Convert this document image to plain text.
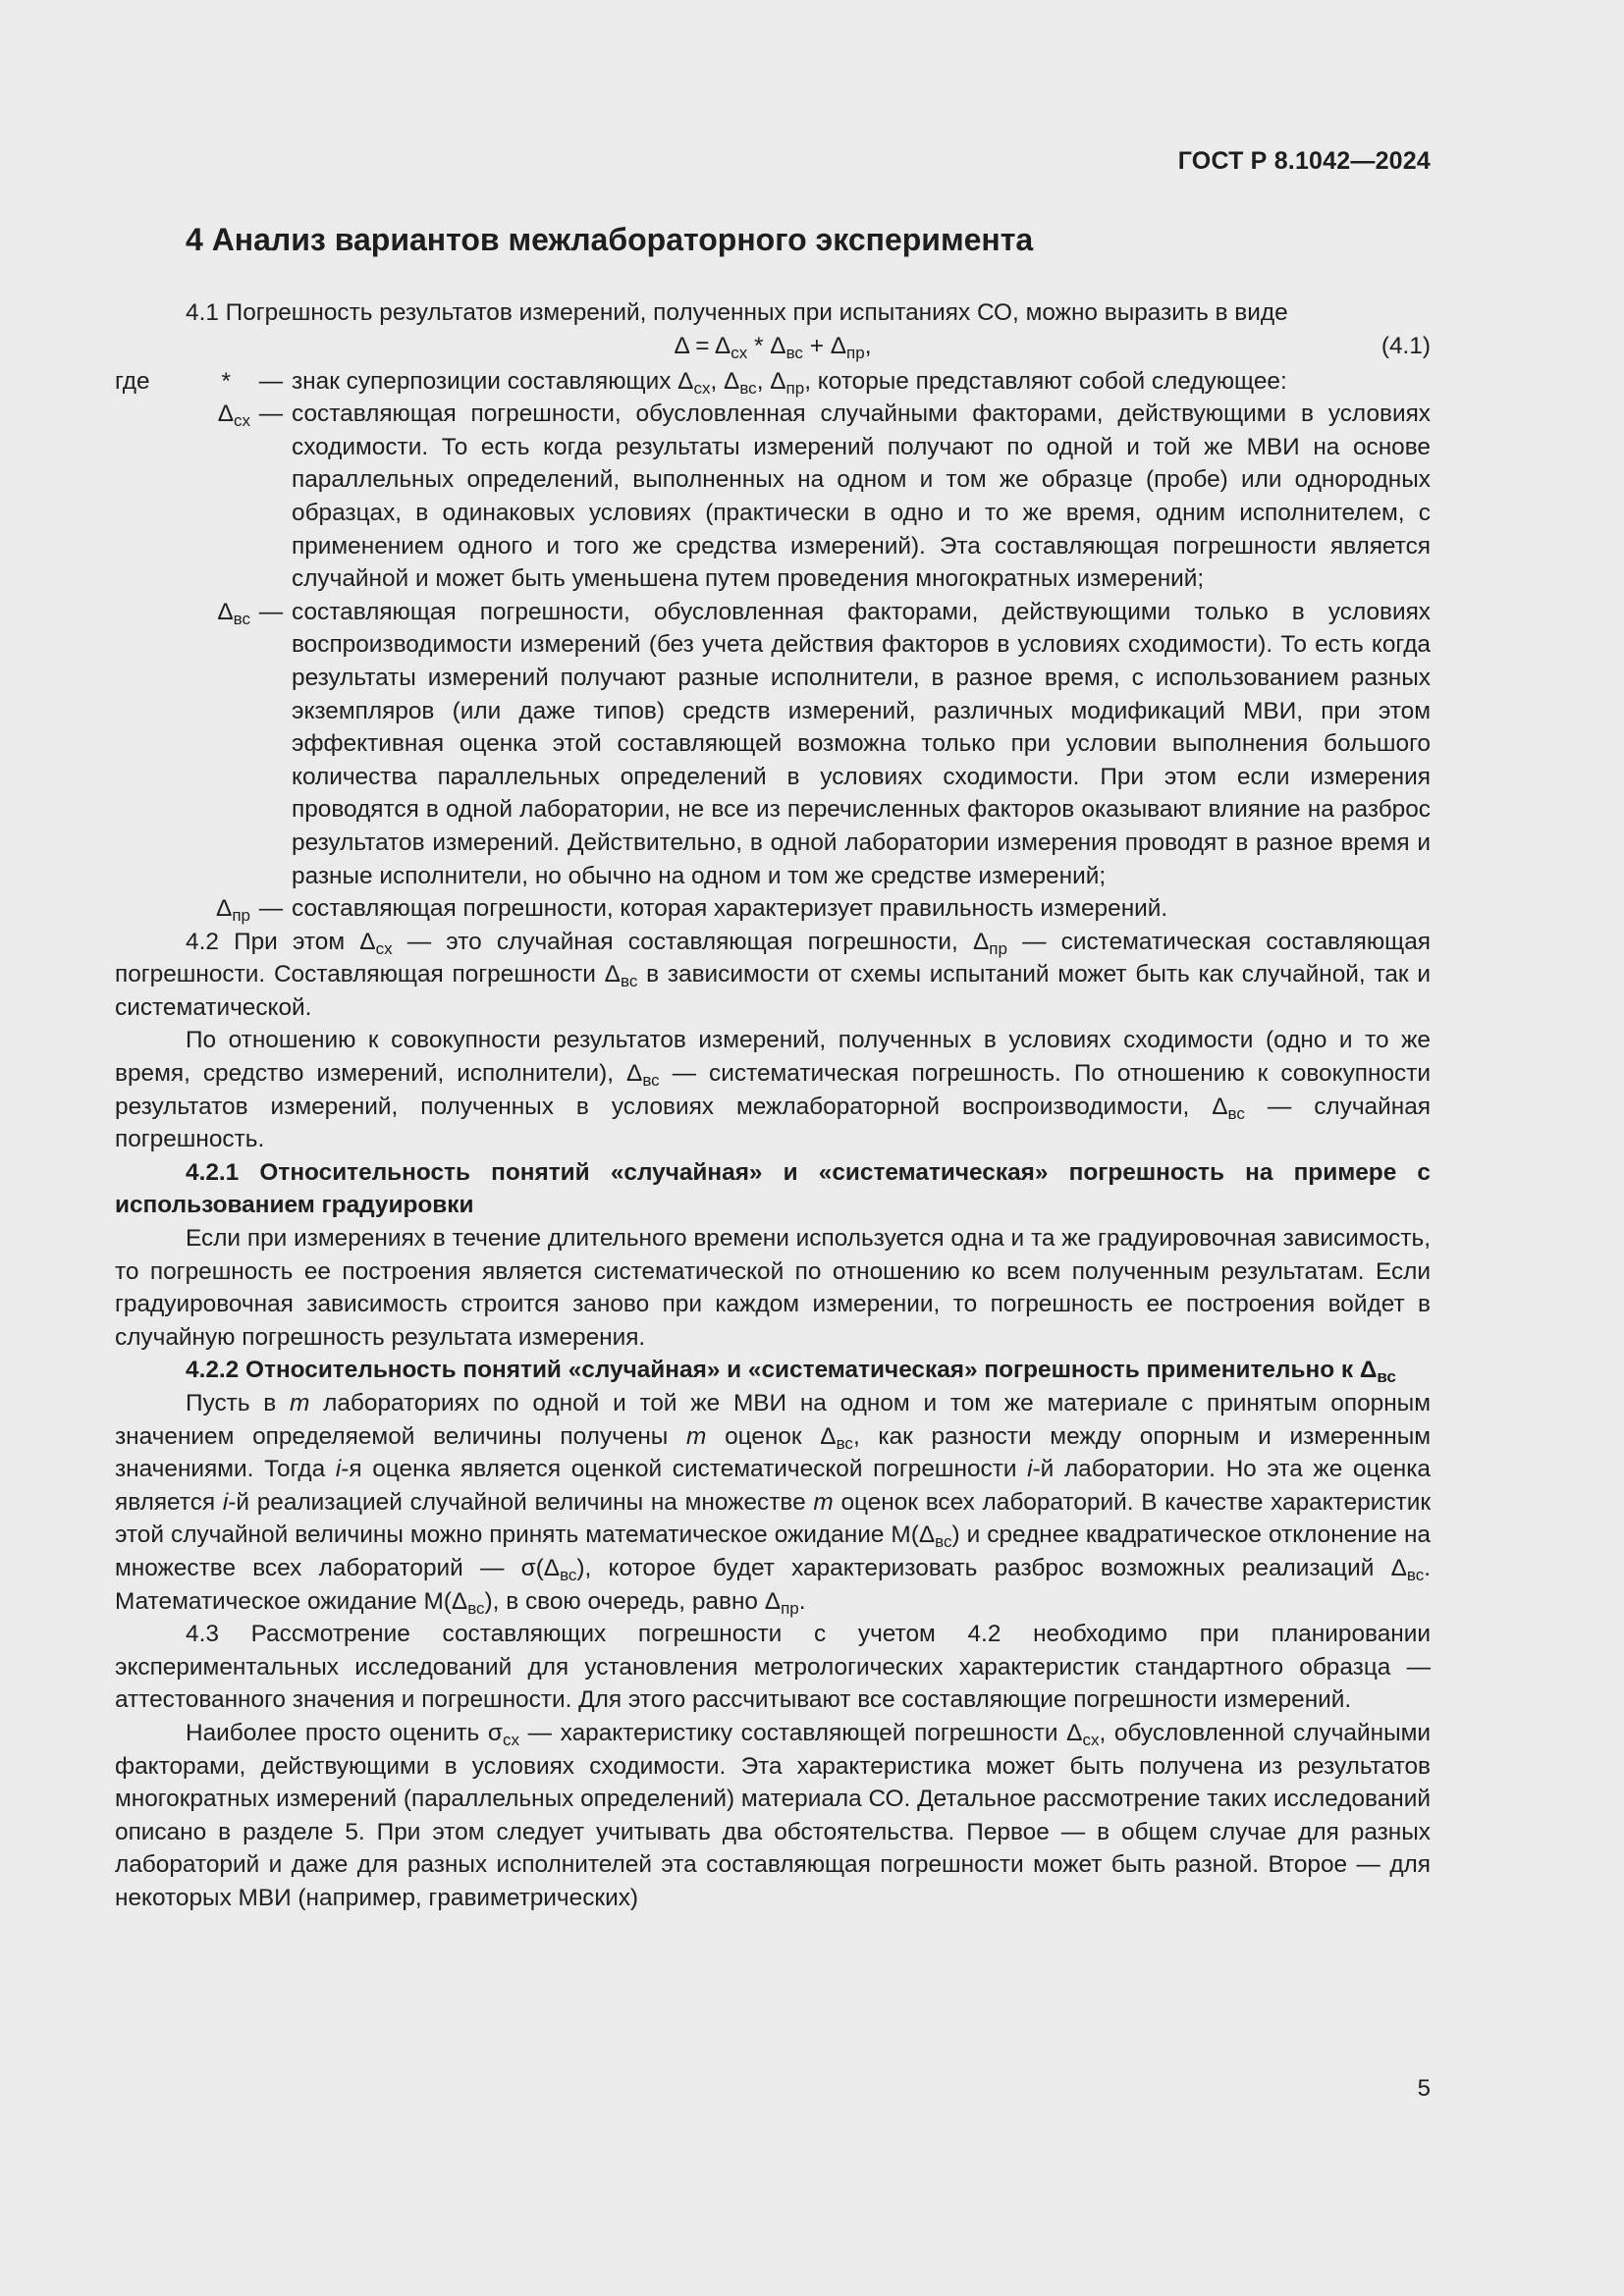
ГОСТ Р 8.1042—2024
4 Анализ вариантов межлабораторного эксперимента

4.1 Погрешность результатов измерений, полученных при испытаниях СО, можно выразить в виде

$\Delta = \Delta_{сх} * \Delta_{вс} + \Delta_{пр}$,	(4.1)
где	*	— знак суперпозиции составляющих $\Delta_{сх}$, $\Delta_{вс}$, $\Delta_{пр}$, которые представляют собой следующее:
$\Delta_{сх}$ — составляющая погрешности, обусловленная случайными факторами, действующими в условиях сходимости. То есть когда результаты измерений получают по одной и той же МВИ на основе параллельных определений, выполненных на одном и том же образце (пробе) или однородных образцах, в одинаковых условиях (практически в одно и то же время, одним исполнителем, с применением одного и того же средства измерений). Эта составляющая погрешности является случайной и может быть уменьшена путем проведения многократных измерений;
$\Delta_{вс}$ — составляющая погрешности, обусловленная факторами, действующими только в условиях воспроизводимости измерений (без учета действия факторов в условиях сходимости). То есть когда результаты измерений получают разные исполнители, в разное время, с использованием разных экземпляров (или даже типов) средств измерений, различных модификаций МВИ, при этом эффективная оценка этой составляющей возможна только при условии выполнения большого количества параллельных определений в условиях сходимости. При этом если измерения проводятся в одной лаборатории, не все из перечисленных факторов оказывают влияние на разброс результатов измерений. Действительно, в одной лаборатории измерения проводят в разное время и разные исполнители, но обычно на одном и том же средстве измерений;
$\Delta_{пр}$ — составляющая погрешности, которая характеризует правильность измерений.

4.2 При этом $\Delta_{сх}$ — это случайная составляющая погрешности, $\Delta_{пр}$ — систематическая составляющая погрешности. Составляющая погрешности $\Delta_{вс}$ в зависимости от схемы испытаний может быть как случайной, так и систематической.

По отношению к совокупности результатов измерений, полученных в условиях сходимости (одно и то же время, средство измерений, исполнители), $\Delta_{вс}$ — систематическая погрешность. По отношению к совокупности результатов измерений, полученных в условиях межлабораторной воспроизводимости, $\Delta_{вс}$ — случайная погрешность.

4.2.1 Относительность понятий «случайная» и «систематическая» погрешность на примере с использованием градуировки

Если при измерениях в течение длительного времени используется одна и та же градуировочная зависимость, то погрешность ее построения является систематической по отношению ко всем полученным результатам. Если градуировочная зависимость строится заново при каждом измерении, то погрешность ее построения войдет в случайную погрешность результата измерения.

4.2.2 Относительность понятий «случайная» и «систематическая» погрешность применительно к $\Delta_{вс}$

Пусть в m лабораториях по одной и той же МВИ на одном и том же материале с принятым опорным значением определяемой величины получены m оценок $\Delta_{вс}$, как разности между опорным и измеренным значениями. Тогда i-я оценка является оценкой систематической погрешности i-й лаборатории. Но эта же оценка является i-й реализацией случайной величины на множестве m оценок всех лабораторий. В качестве характеристик этой случайной величины можно принять математическое ожидание $M(\Delta_{вс})$ и среднее квадратическое отклонение на множестве всех лабораторий — $\sigma(\Delta_{вс})$, которое будет характеризовать разброс возможных реализаций $\Delta_{вс}$. Математическое ожидание $M(\Delta_{вс})$, в свою очередь, равно $\Delta_{пр}$.

4.3 Рассмотрение составляющих погрешности с учетом 4.2 необходимо при планировании экспериментальных исследований для установления метрологических характеристик стандартного образца — аттестованного значения и погрешности. Для этого рассчитывают все составляющие погрешности измерений.

Наиболее просто оценить $\sigma_{сх}$ — характеристику составляющей погрешности $\Delta_{сх}$, обусловленной случайными факторами, действующими в условиях сходимости. Эта характеристика может быть получена из результатов многократных измерений (параллельных определений) материала СО. Детальное рассмотрение таких исследований описано в разделе 5. При этом следует учитывать два обстоятельства. Первое — в общем случае для разных лабораторий и даже для разных исполнителей эта составляющая погрешности может быть разной. Второе — для некоторых МВИ (например, гравиметрических)

5
